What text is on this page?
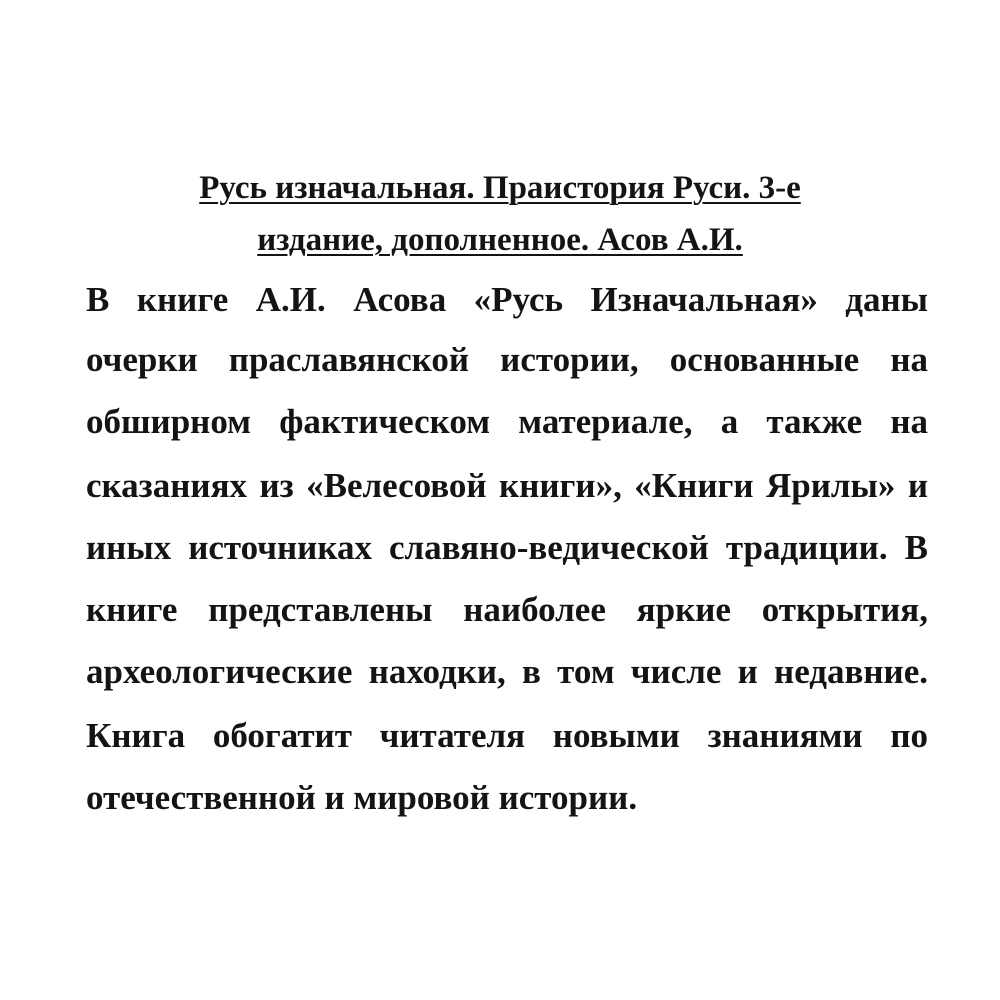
Русь изначальная. Праистория Руси. 3-е
издание, дополненное. Асов А.И.
В книге А.И. Асова «Русь Изначальная» даны
очерки праславянской истории, основанные на
обширном фактическом материале, а также на
сказаниях из «Велесовой книги», «Книги Ярилы» и
иных источниках славяно-ведической традиции. В
книге представлены наиболее яркие открытия,
археологические находки, в том числе и недавние.
Книга обогатит читателя новыми знаниями по
отечественной и мировой истории.
